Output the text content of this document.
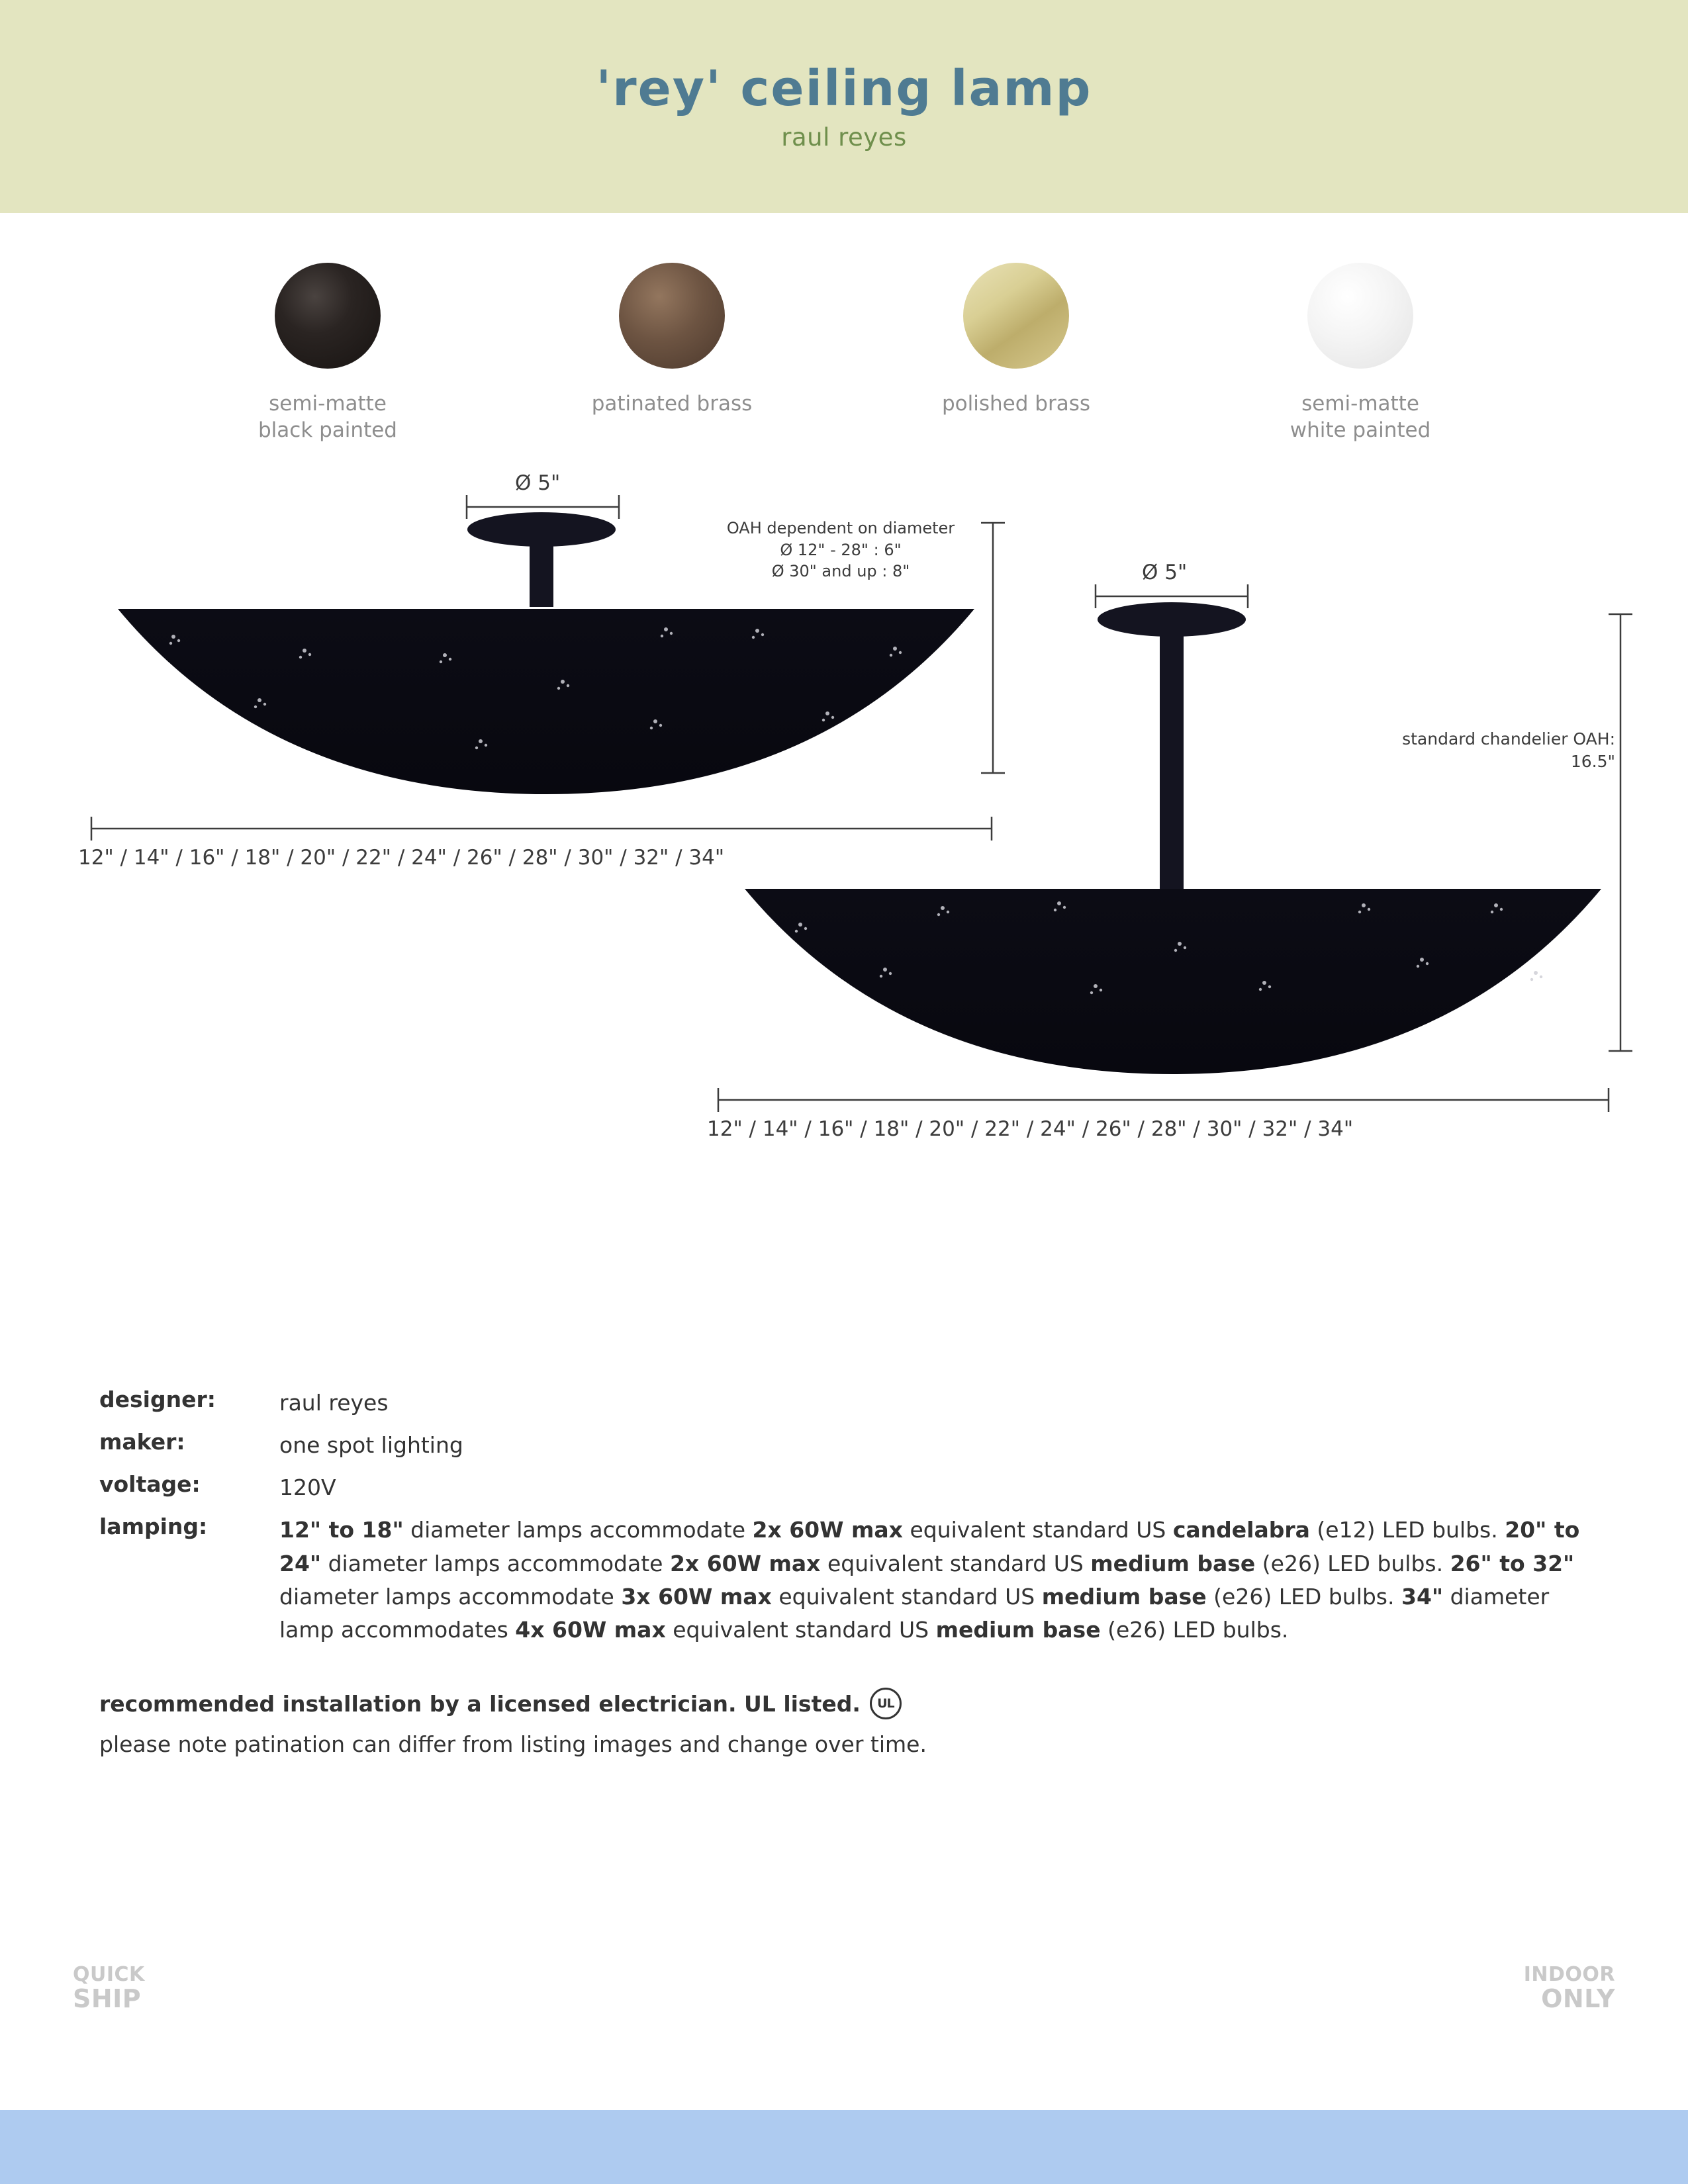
'rey' ceiling lamp
raul reyes
semi-matte
black painted
patinated brass	polished brass	semi-matte
white painted
Ø 5"
OAH dependent on diameter
Ø 12" - 28" : 6"
Ø 30" and up : 8"
12" / 14" / 16" / 18" / 20" / 22" / 24" / 26" / 28" / 30" / 32" / 34"
Ø 5"
standard chandelier OAH:
16.5"
12" / 14" / 16" / 18" / 20" / 22" / 24" / 26" / 28" / 30" / 32" / 34"
designer:	raul reyes
maker:	one spot lighting
voltage:	120V
lamping:	12" to 18" diameter lamps accommodate 2x 60W max equivalent standard US candelabra (e12) LED bulbs. 20" to 24" diameter lamps accommodate 2x 60W max equivalent standard US medium base (e26) LED bulbs. 26" to 32" diameter lamps accommodate 3x 60W max equivalent standard US medium base (e26) LED bulbs. 34" diameter lamp accommodates 4x 60W max equivalent standard US medium base (e26) LED bulbs.
recommended installation by a licensed electrician. UL listed.	UL
please note patination can differ from listing images and change over time.
QUICK
SHIP
INDOOR
ONLY
